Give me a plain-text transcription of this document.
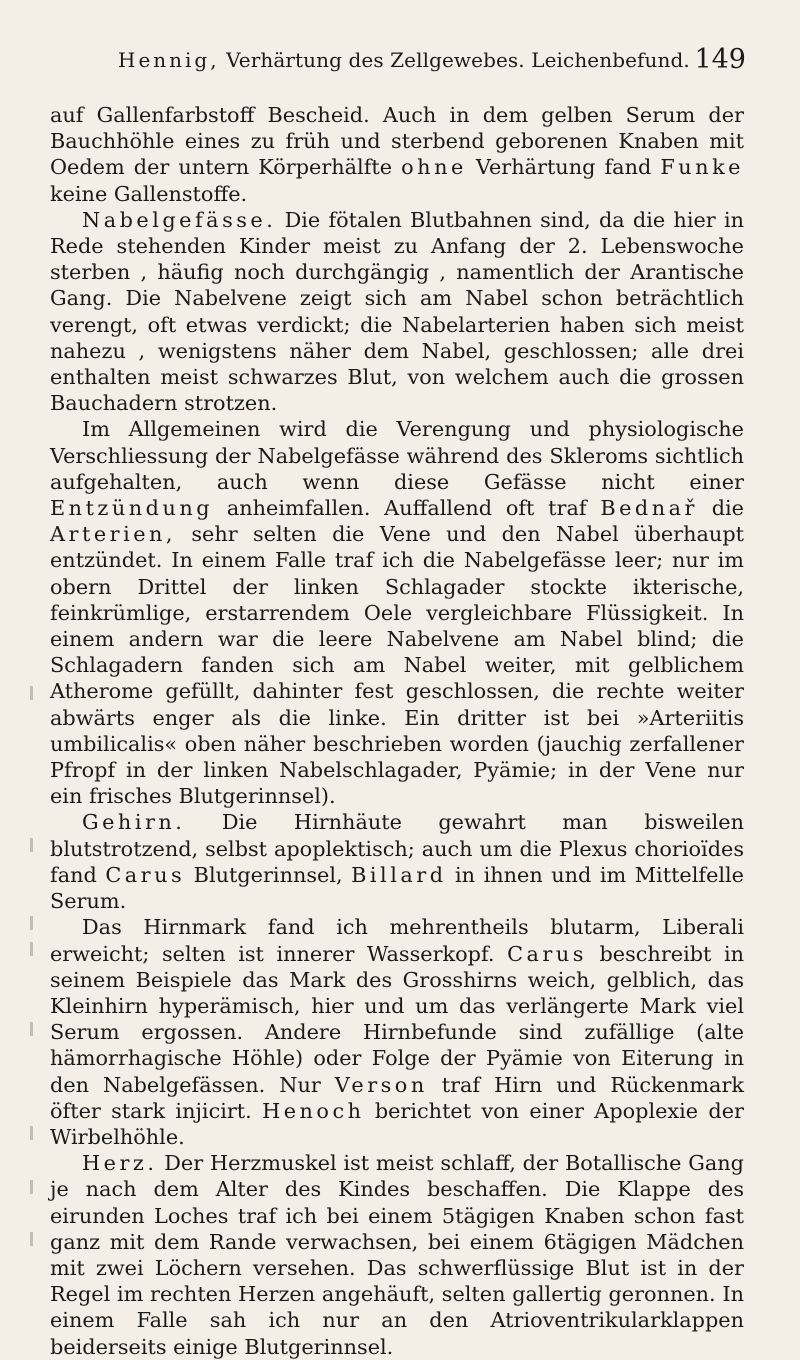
Hennig, Verhärtung des Zellgewebes. Leichenbefund. 149

auf Gallenfarbstoff Bescheid. Auch in dem gelben Serum der Bauchhöhle eines zu früh und sterbend geborenen Knaben mit Oedem der untern Körperhälfte ohne Verhärtung fand Funke keine Gallenstoffe.

Nabelgefässe. Die fötalen Blutbahnen sind, da die hier in Rede stehenden Kinder meist zu Anfang der 2. Lebenswoche sterben , häufig noch durchgängig , namentlich der Arantische Gang. Die Nabelvene zeigt sich am Nabel schon beträchtlich verengt, oft etwas verdickt; die Nabelarterien haben sich meist nahezu , wenigstens näher dem Nabel, geschlossen; alle drei enthalten meist schwarzes Blut, von welchem auch die grossen Bauchadern strotzen.

Im Allgemeinen wird die Verengung und physiologische Verschliessung der Nabelgefässe während des Skleroms sichtlich aufgehalten, auch wenn diese Gefässe nicht einer Entzündung anheimfallen. Auffallend oft traf Bednař die Arterien, sehr selten die Vene und den Nabel überhaupt entzündet. In einem Falle traf ich die Nabelgefässe leer; nur im obern Drittel der linken Schlagader stockte ikterische, feinkrümlige, erstarrendem Oele vergleichbare Flüssigkeit. In einem andern war die leere Nabelvene am Nabel blind; die Schlagadern fanden sich am Nabel weiter, mit gelblichem Atherome gefüllt, dahinter fest geschlossen, die rechte weiter abwärts enger als die linke. Ein dritter ist bei »Arteriitis umbilicalis« oben näher beschrieben worden (jauchig zerfallener Pfropf in der linken Nabelschlagader, Pyämie; in der Vene nur ein frisches Blutgerinnsel).

Gehirn. Die Hirnhäute gewahrt man bisweilen blutstrotzend, selbst apoplektisch; auch um die Plexus chorioïdes fand Carus Blutgerinnsel, Billard in ihnen und im Mittelfelle Serum.

Das Hirnmark fand ich mehrentheils blutarm, Liberali erweicht; selten ist innerer Wasserkopf. Carus beschreibt in seinem Beispiele das Mark des Grosshirns weich, gelblich, das Kleinhirn hyperämisch, hier und um das verlängerte Mark viel Serum ergossen. Andere Hirnbefunde sind zufällige (alte hämorrhagische Höhle) oder Folge der Pyämie von Eiterung in den Nabelgefässen. Nur Verson traf Hirn und Rückenmark öfter stark injicirt. Henoch berichtet von einer Apoplexie der Wirbelhöhle.

Herz. Der Herzmuskel ist meist schlaff, der Botallische Gang je nach dem Alter des Kindes beschaffen. Die Klappe des eirunden Loches traf ich bei einem 5tägigen Knaben schon fast ganz mit dem Rande verwachsen, bei einem 6tägigen Mädchen mit zwei Löchern versehen. Das schwerflüssige Blut ist in der Regel im rechten Herzen angehäuft, selten gallertig geronnen. In einem Falle sah ich nur an den Atrioventrikularklappen beiderseits einige Blutgerinnsel.
